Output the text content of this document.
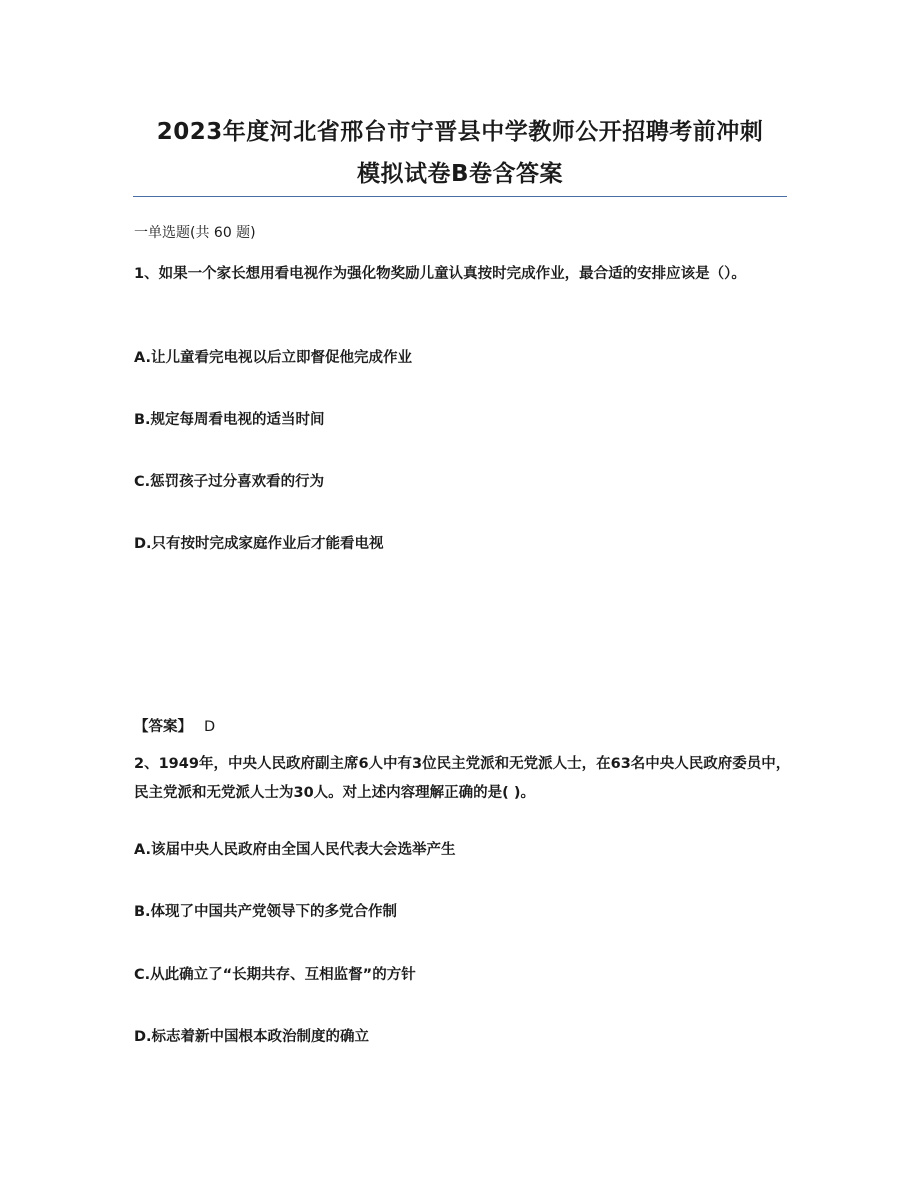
2023年度河北省邢台市宁晋县中学教师公开招聘考前冲刺
模拟试卷B卷含答案
一单选题(共 60 题)
1、如果一个家长想用看电视作为强化物奖励儿童认真按时完成作业，最合适的安排应该是（）。
A.让儿童看完电视以后立即督促他完成作业
B.规定每周看电视的适当时间
C.惩罚孩子过分喜欢看的行为
D.只有按时完成家庭作业后才能看电视
【答案】 D
2、1949年，中央人民政府副主席6人中有3位民主党派和无党派人士，在63名中央人民政府委员中，民主党派和无党派人士为30人。对上述内容理解正确的是( )。
A.该届中央人民政府由全国人民代表大会选举产生
B.体现了中国共产党领导下的多党合作制
C.从此确立了“长期共存、互相监督”的方针
D.标志着新中国根本政治制度的确立
